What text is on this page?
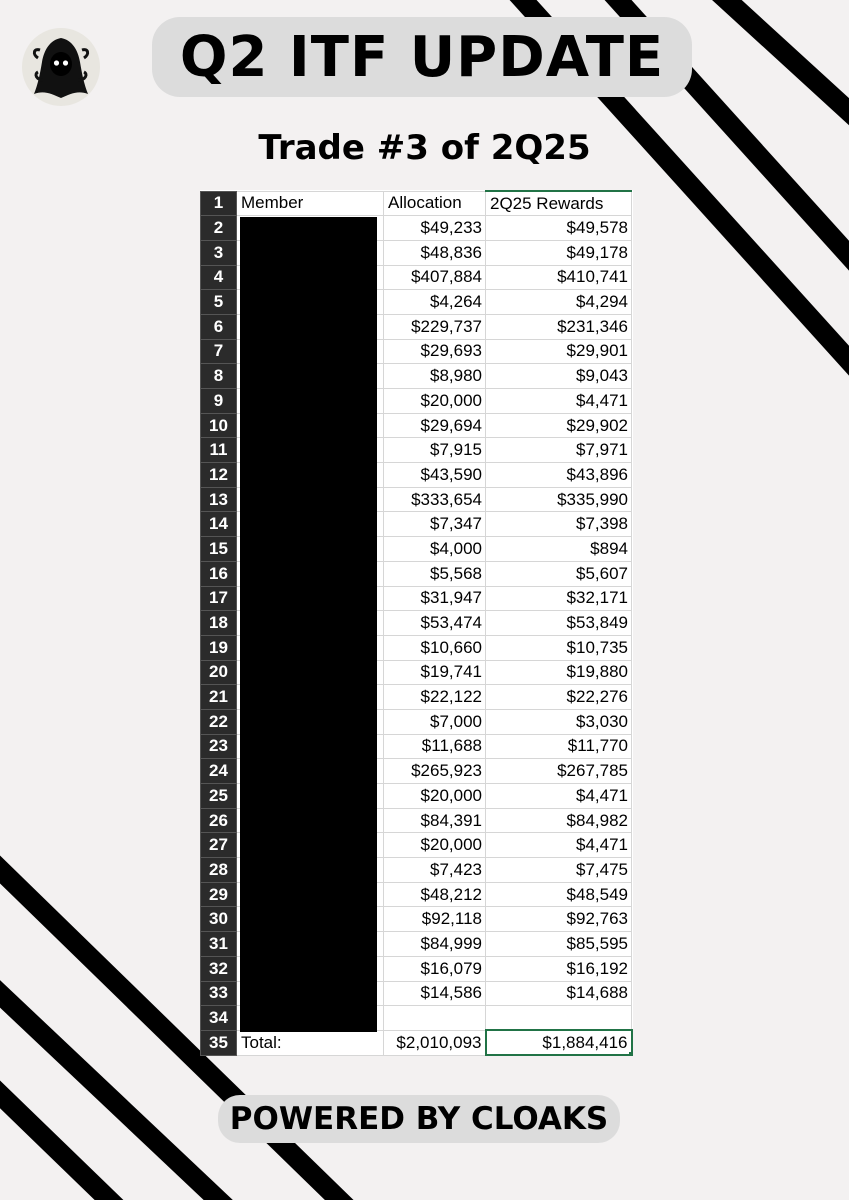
Q2 ITF UPDATE
Trade #3 of 2Q25
1	Member	Allocation	2Q25 Rewards
2		$49,233	$49,578
3		$48,836	$49,178
4		$407,884	$410,741
5		$4,264	$4,294
6		$229,737	$231,346
7		$29,693	$29,901
8		$8,980	$9,043
9		$20,000	$4,471
10		$29,694	$29,902
11		$7,915	$7,971
12		$43,590	$43,896
13		$333,654	$335,990
14		$7,347	$7,398
15		$4,000	$894
16		$5,568	$5,607
17		$31,947	$32,171
18		$53,474	$53,849
19		$10,660	$10,735
20		$19,741	$19,880
21		$22,122	$22,276
22		$7,000	$3,030
23		$11,688	$11,770
24		$265,923	$267,785
25		$20,000	$4,471
26		$84,391	$84,982
27		$20,000	$4,471
28		$7,423	$7,475
29		$48,212	$48,549
30		$92,118	$92,763
31		$84,999	$85,595
32		$16,079	$16,192
33		$14,586	$14,688
34			
35	Total:	$2,010,093	$1,884,416
POWERED BY CLOAKS
